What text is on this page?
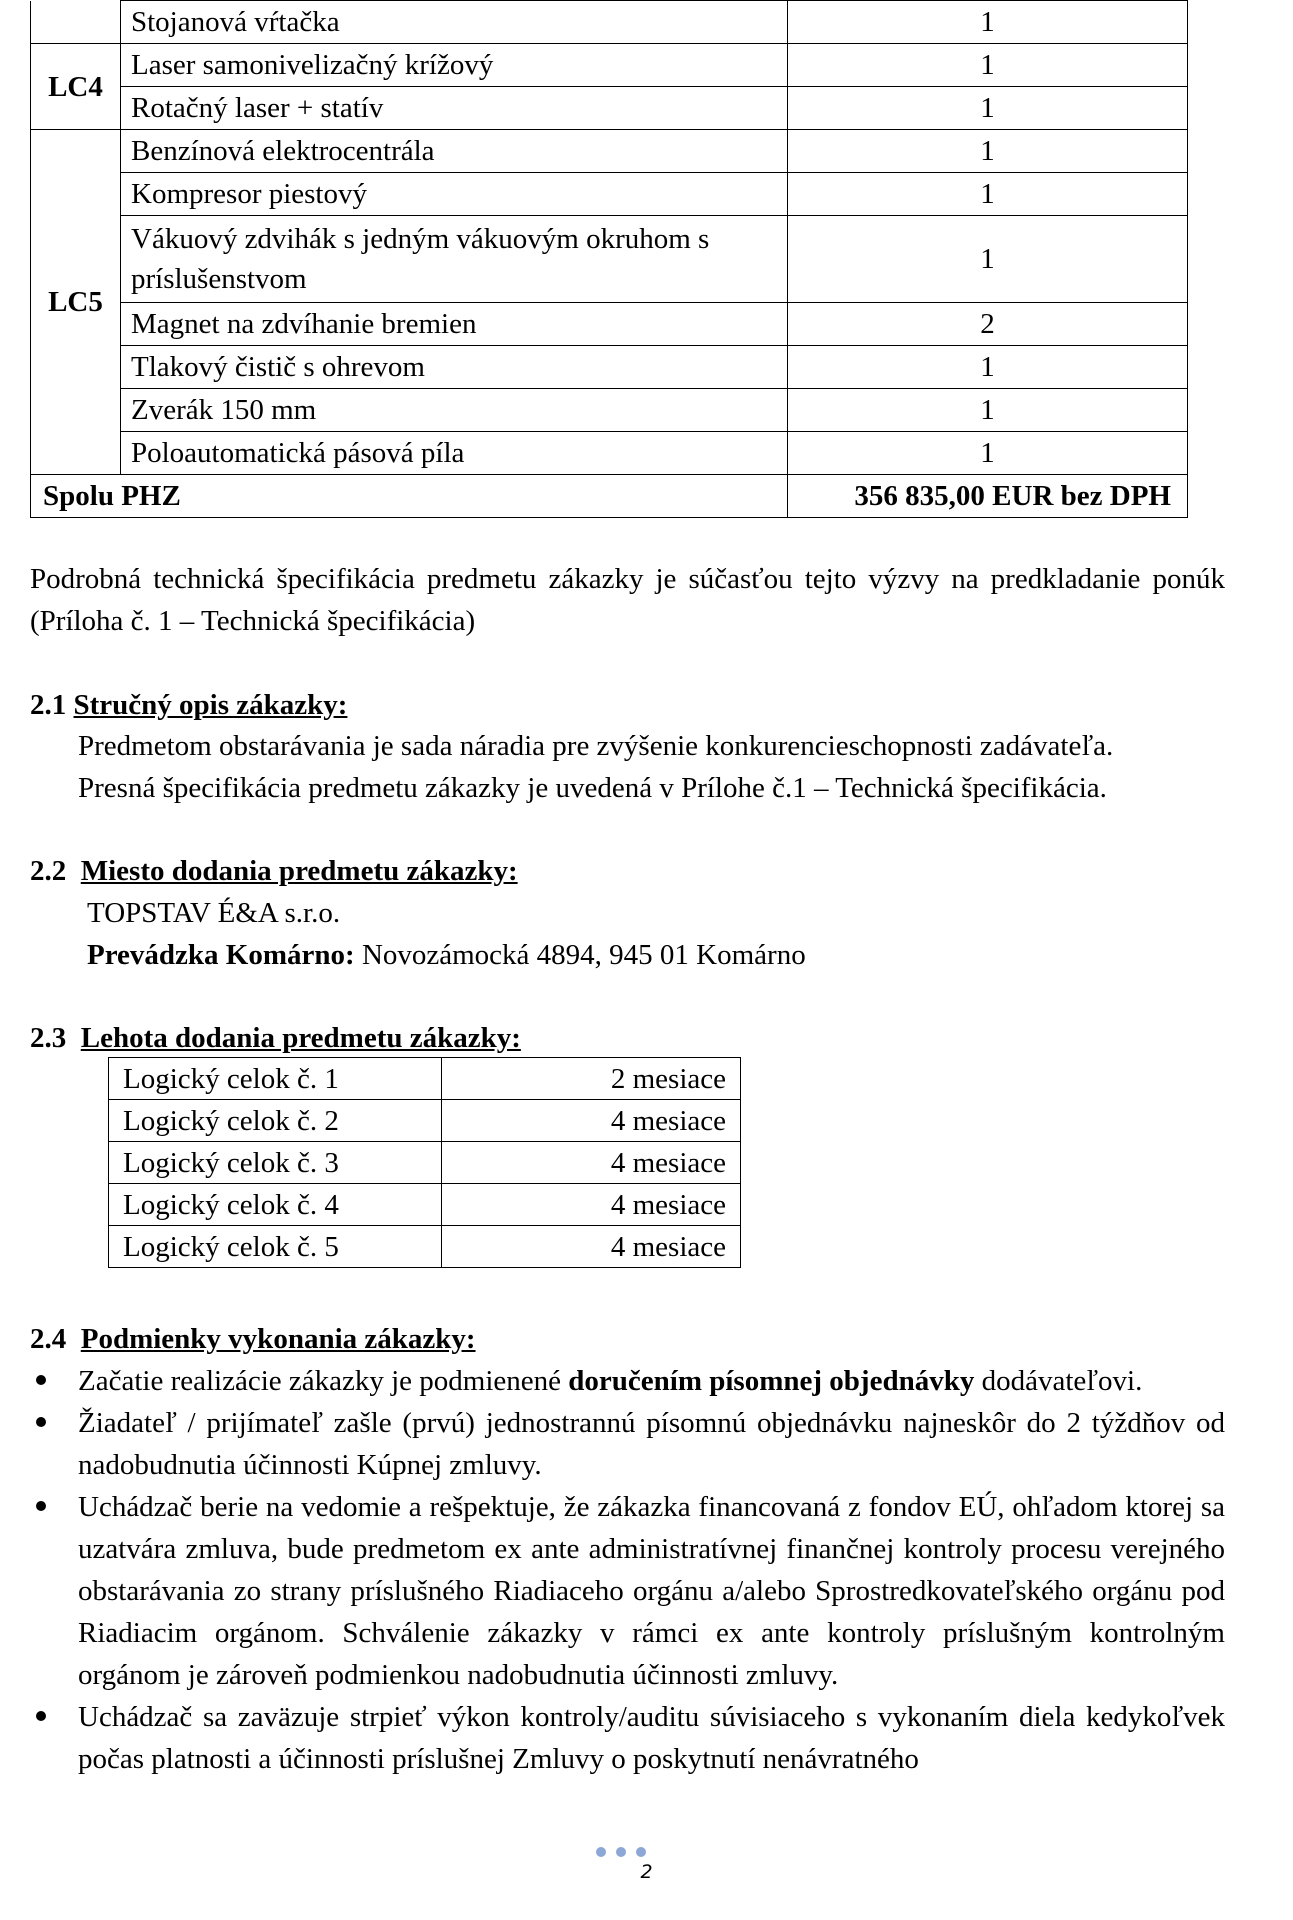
	Stojanová vŕtačka	1
LC4	Laser samonivelizačný krížový	1
	Rotačný laser + statív	1
LC5	Benzínová elektrocentrála	1
	Kompresor piestový	1
	Vákuový zdvihák s jedným vákuovým okruhom s príslušenstvom	1
	Magnet na zdvíhanie bremien	2
	Tlakový čistič s ohrevom	1
	Zverák 150 mm	1
	Poloautomatická pásová píla	1
Spolu PHZ		356 835,00 EUR bez DPH
Podrobná technická špecifikácia predmetu zákazky je súčasťou tejto výzvy na predkladanie ponúk (Príloha č. 1 – Technická špecifikácia)
2.1 Stručný opis zákazky:
Predmetom obstarávania je sada náradia pre zvýšenie konkurencieschopnosti zadávateľa.
Presná špecifikácia predmetu zákazky je uvedená v Prílohe č.1 – Technická špecifikácia.
2.2  Miesto dodania predmetu zákazky:
TOPSTAV É&A s.r.o.
Prevádzka Komárno: Novozámocká 4894, 945 01 Komárno
2.3  Lehota dodania predmetu zákazky:
Logický celok č. 1	2 mesiace
Logický celok č. 2	4 mesiace
Logický celok č. 3	4 mesiace
Logický celok č. 4	4 mesiace
Logický celok č. 5	4 mesiace
2.4  Podmienky vykonania zákazky:
Začatie realizácie zákazky je podmienené doručením písomnej objednávky dodávateľovi.
Žiadateľ / prijímateľ zašle (prvú) jednostrannú písomnú objednávku najneskôr do 2 týždňov od nadobudnutia účinnosti Kúpnej zmluvy.
Uchádzač berie na vedomie a rešpektuje, že zákazka financovaná z fondov EÚ, ohľadom ktorej sa uzatvára zmluva, bude predmetom ex ante administratívnej finančnej kontroly procesu verejného obstarávania zo strany príslušného Riadiaceho orgánu a/alebo Sprostredkovateľského orgánu pod Riadiacim orgánom. Schválenie zákazky v rámci ex ante kontroly príslušným kontrolným orgánom je zároveň podmienkou nadobudnutia účinnosti zmluvy.
Uchádzač sa zaväzuje strpieť výkon kontroly/auditu súvisiaceho s vykonaním diela kedykoľvek počas platnosti a účinnosti príslušnej Zmluvy o poskytnutí nenávratného
2
